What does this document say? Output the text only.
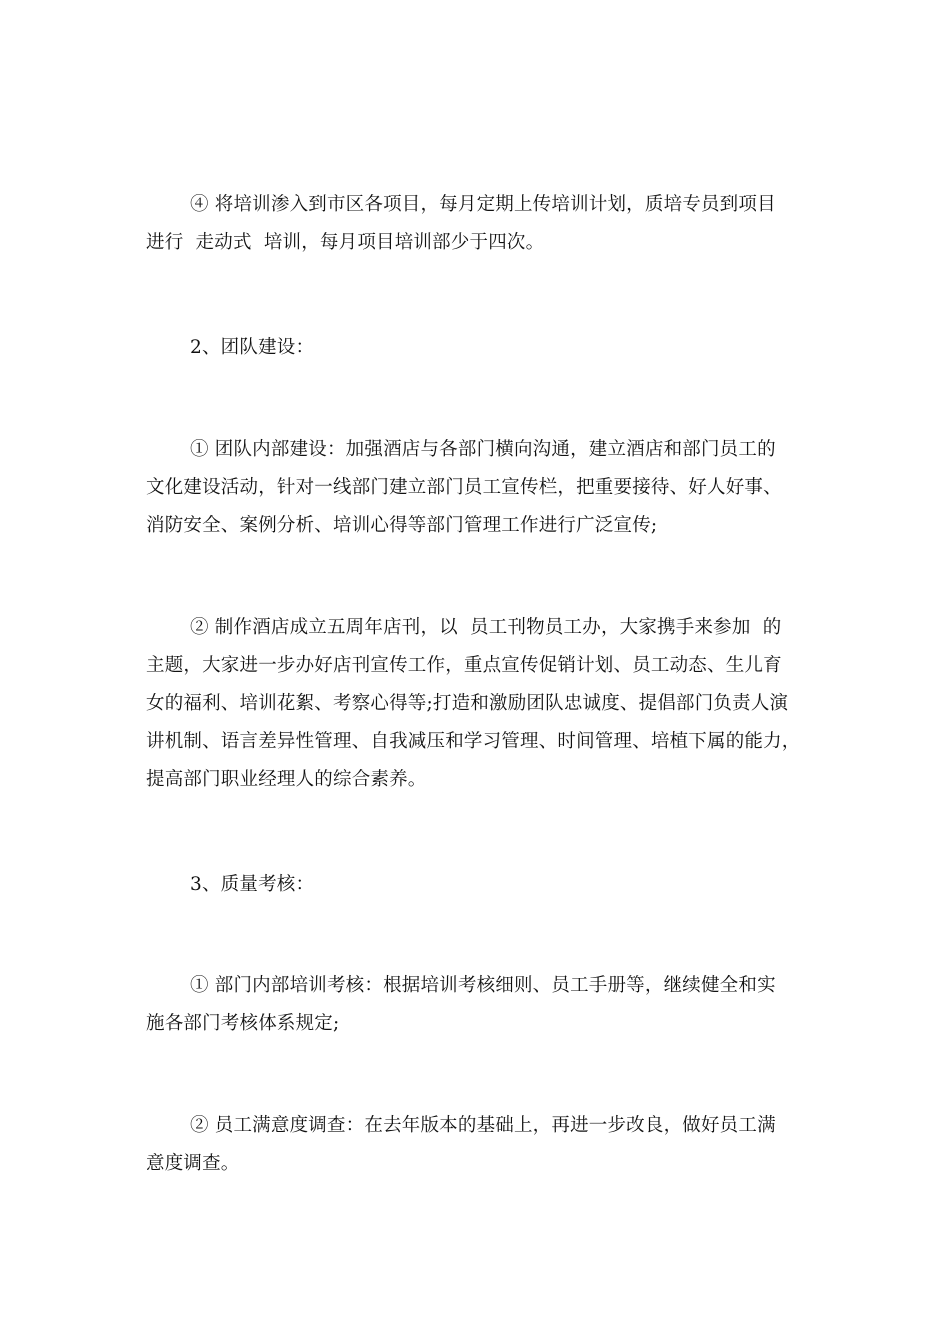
④ 将培训渗入到市区各项目，每月定期上传培训计划，质培专员到项目
进行  走动式  培训，每月项目培训部少于四次。
2、团队建设：
① 团队内部建设：加强酒店与各部门横向沟通，建立酒店和部门员工的
文化建设活动，针对一线部门建立部门员工宣传栏，把重要接待、好人好事、
消防安全、案例分析、培训心得等部门管理工作进行广泛宣传;
② 制作酒店成立五周年店刊，以  员工刊物员工办，大家携手来参加  的
主题，大家进一步办好店刊宣传工作，重点宣传促销计划、员工动态、生儿育
女的福利、培训花絮、考察心得等;打造和激励团队忠诚度、提倡部门负责人演
讲机制、语言差异性管理、自我减压和学习管理、时间管理、培植下属的能力，
提高部门职业经理人的综合素养。
3、质量考核：
① 部门内部培训考核：根据培训考核细则、员工手册等，继续健全和实
施各部门考核体系规定;
② 员工满意度调查：在去年版本的基础上，再进一步改良，做好员工满
意度调查。
